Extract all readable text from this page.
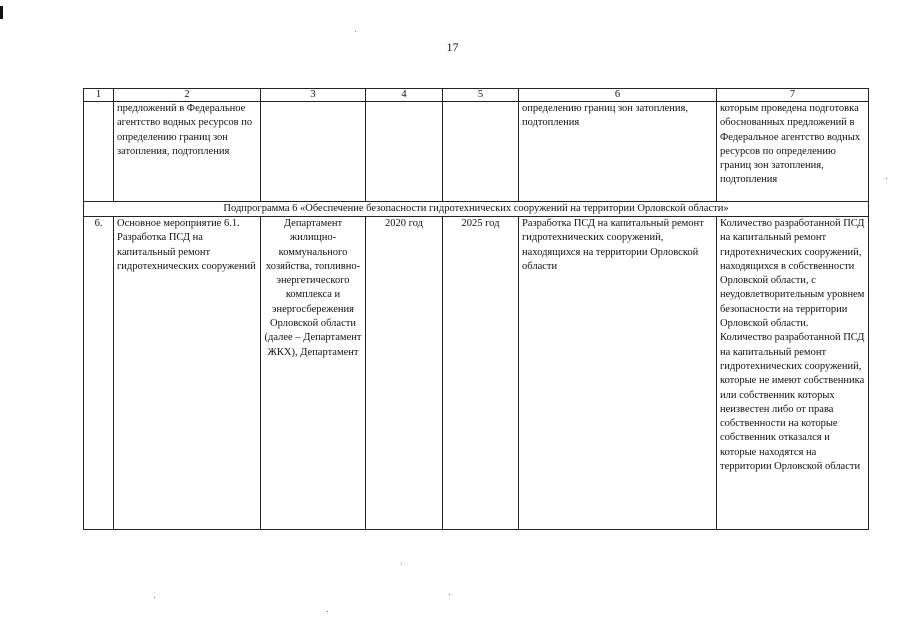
17
1	2	3	4	5	6	7
	предложений в Федеральное агентство водных ресурсов по определению границ зон затопления, подтопления				определению границ зон затопления, подтопления	которым проведена подготовка обоснованных предложений в Федеральное агентство водных ресурсов по определению границ зон затопления, подтопления
Подпрограмма 6 «Обеспечение безопасности гидротехнических сооружений на территории Орловской области»						
6.	Основное мероприятие 6.1. Разработка ПСД на капитальный ремонт гидротехнических сооружений	Департамент жилищно-коммунального хозяйства, топливно-энергетического комплекса и энергосбережения Орловской области (далее – Департамент ЖКХ), Департамент	2020 год	2025 год	Разработка ПСД на капитальный ремонт гидротехнических сооружений, находящихся на территории Орловской области	Количество разработанной ПСД на капитальный ремонт гидротехнических сооружений, находящихся в собственности Орловской области, с неудовлетворительным уровнем безопасности на территории Орловской области.
Количество разработанной ПСД на капитальный ремонт гидротехнических сооружений, которые не имеют собственника или собственник которых неизвестен либо от права собственности на которые собственник отказался и которые находятся на территории Орловской области
